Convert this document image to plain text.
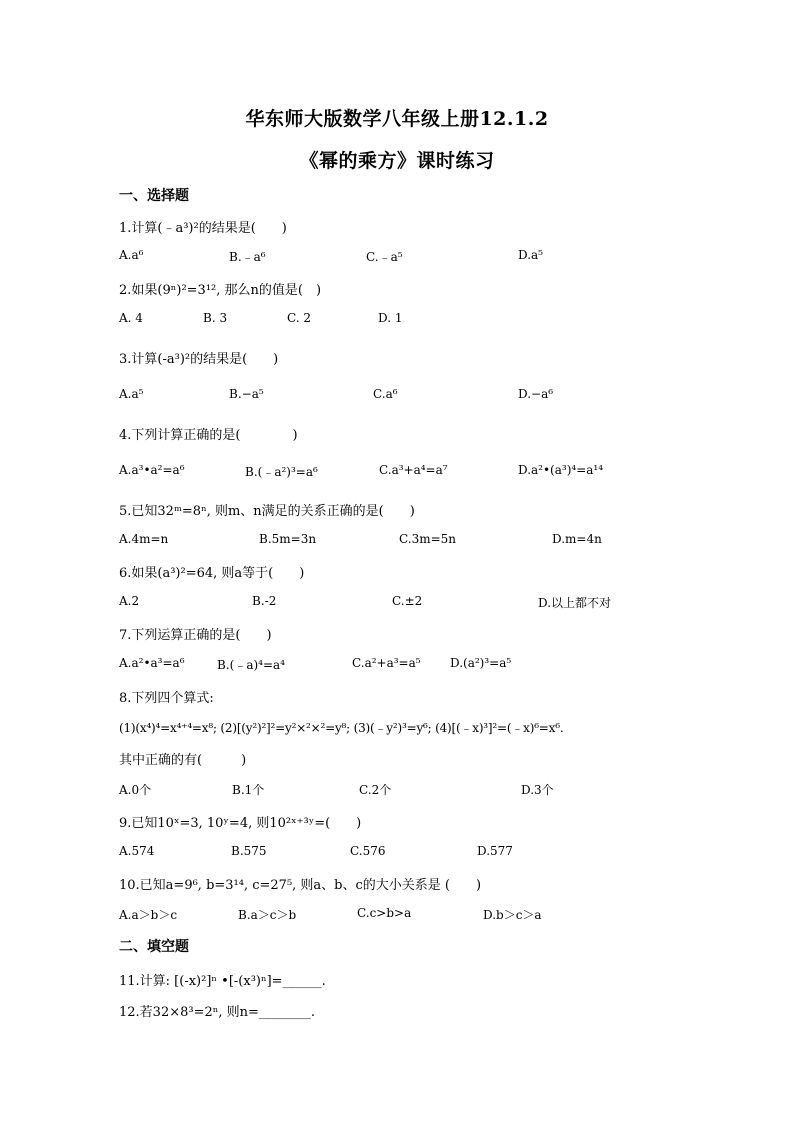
华东师大版数学八年级上册12.1.2
《幂的乘方》课时练习
一、选择题
1.计算(﹣a³)²的结果是(　　)
A.a⁶	B.﹣a⁶	C.﹣a⁵	D.a⁵
2.如果(9ⁿ)²=3¹², 那么n的值是(　)
A. 4	B. 3	C. 2	D. 1
3.计算(-a³)²的结果是(　　)
A.a⁵	B.−a⁵	C.a⁶	D.−a⁶
4.下列计算正确的是(　　　　)
A.a³•a²=a⁶	B.(﹣a²)³=a⁶	C.a³+a⁴=a⁷	D.a²•(a³)⁴=a¹⁴
5.已知32ᵐ=8ⁿ, 则m、n满足的关系正确的是(　　)
A.4m=n	B.5m=3n	C.3m=5n	D.m=4n
6.如果(a³)²=64, 则a等于(　　)
A.2	B.-2	C.±2	D.以上都不对
7.下列运算正确的是(　　)
A.a²•a³=a⁶	B.(﹣a)⁴=a⁴	C.a²+a³=a⁵ D.(a²)³=a⁵
8.下列四个算式:
(1)(x⁴)⁴=x⁴⁺⁴=x⁸; (2)[(y²)²]²=y²×²×²=y⁸; (3)(﹣y²)³=y⁶; (4)[(﹣x)³]²=(﹣x)⁶=x⁶.
其中正确的有(　　　)
A.0个	B.1个	C.2个	D.3个
9.已知10ˣ=3, 10ʸ=4, 则10²ˣ⁺³ʸ=(　　)
A.574	B.575	C.576	D.577
10.已知a=9⁶, b=3¹⁴, c=27⁵, 则a、b、c的大小关系是 (　　)
A.a＞b＞c	B.a＞c＞b	C.c>b>a	D.b＞c＞a
二、填空题
11.计算: [(-x)²]ⁿ •[-(x³)ⁿ]=______.
12.若32×8³=2ⁿ, 则n=________.
